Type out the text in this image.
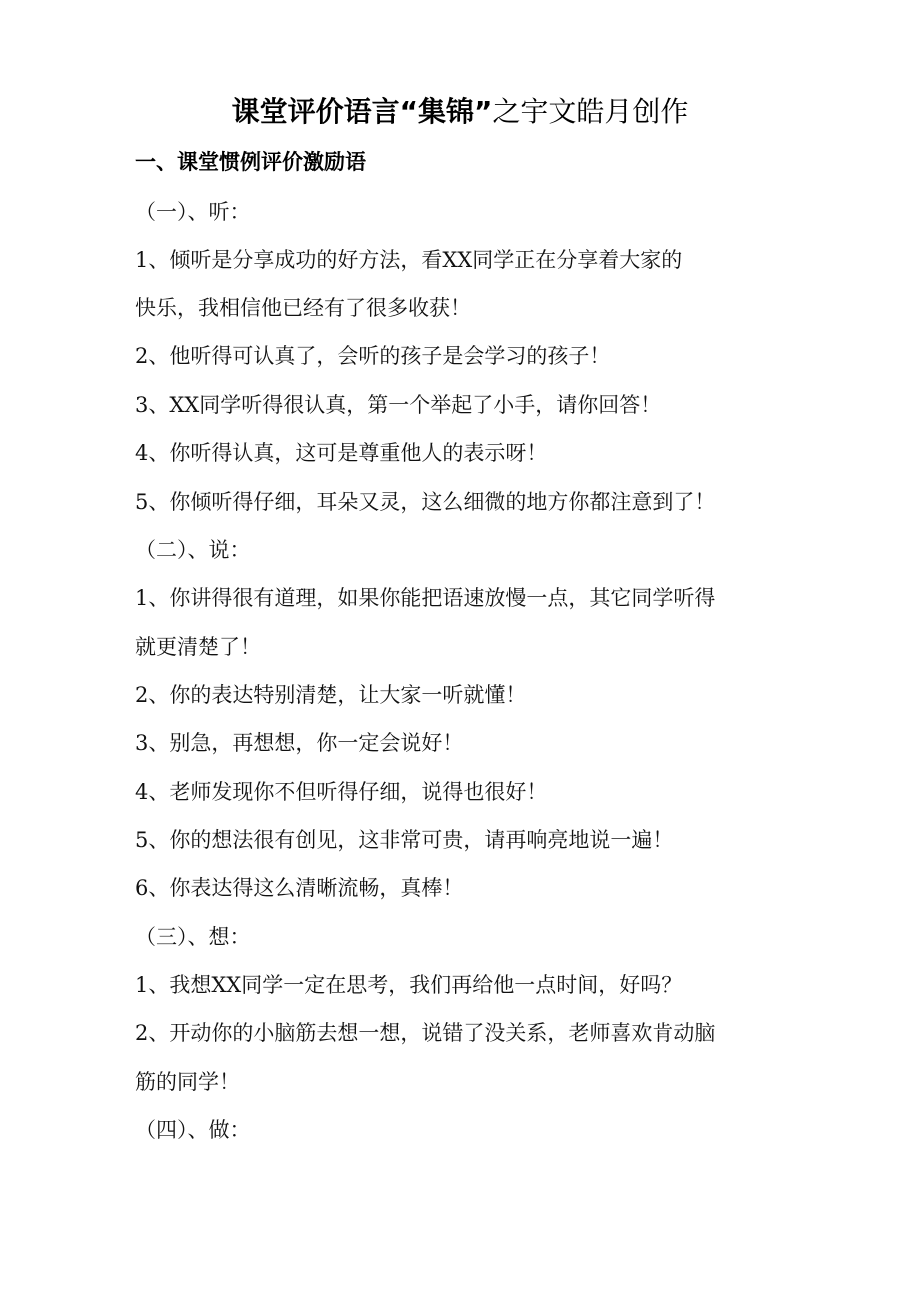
课堂评价语言“集锦”之宇文皓月创作
一、课堂惯例评价激励语
（一）、听：
1、倾听是分享成功的好方法，看XX同学正在分享着大家的
快乐，我相信他已经有了很多收获！
2、他听得可认真了，会听的孩子是会学习的孩子！
3、XX同学听得很认真，第一个举起了小手，请你回答！
4、你听得认真，这可是尊重他人的表示呀！
5、你倾听得仔细，耳朵又灵，这么细微的地方你都注意到了！
（二）、说：
1、你讲得很有道理，如果你能把语速放慢一点，其它同学听得
就更清楚了！
2、你的表达特别清楚，让大家一听就懂！
3、别急，再想想，你一定会说好！
4、老师发现你不但听得仔细，说得也很好！
5、你的想法很有创见，这非常可贵，请再响亮地说一遍！
6、你表达得这么清晰流畅，真棒！
（三）、想：
1、我想XX同学一定在思考，我们再给他一点时间，好吗？
2、开动你的小脑筋去想一想，说错了没关系，老师喜欢肯动脑
筋的同学！
（四）、做：
